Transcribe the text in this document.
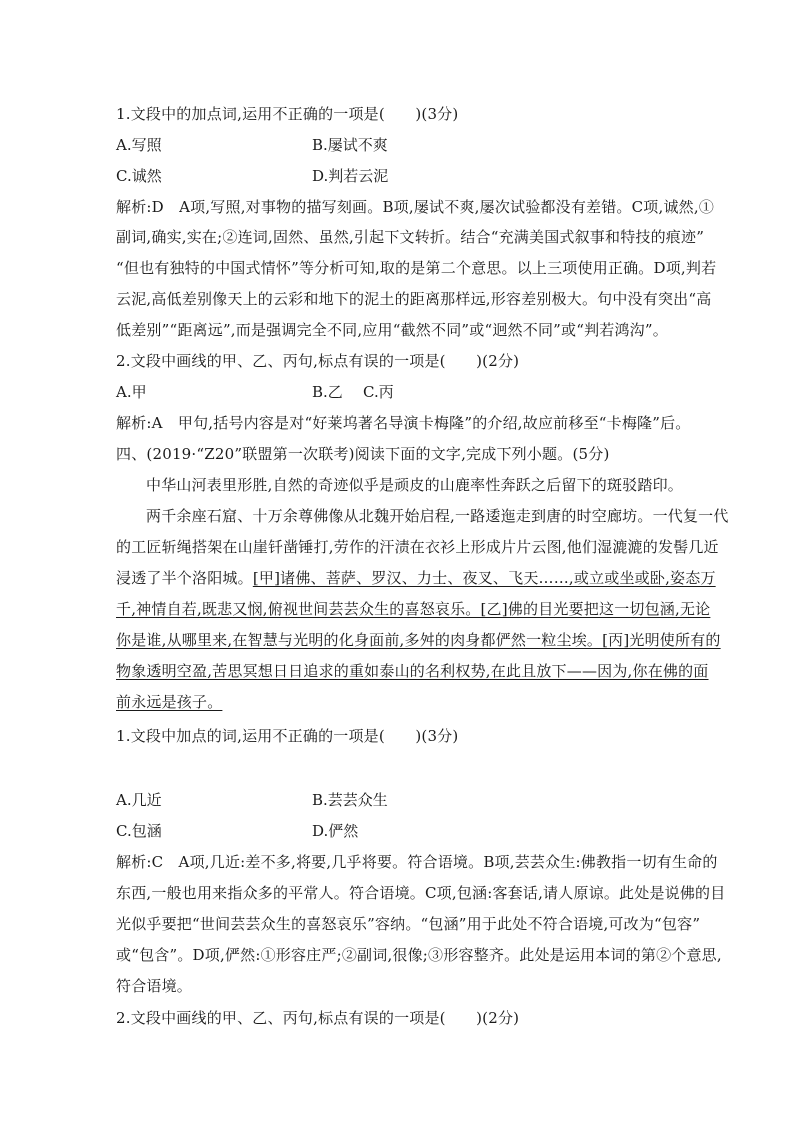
1.文段中的加点词,运用不正确的一项是(　　)(3分)
A.写照	B.屡试不爽
C.诚然	D.判若云泥
解析:D　A项,写照,对事物的描写刻画。B项,屡试不爽,屡次试验都没有差错。C项,诚然,①
副词,确实,实在;②连词,固然、虽然,引起下文转折。结合“充满美国式叙事和特技的痕迹”
“但也有独特的中国式情怀”等分析可知,取的是第二个意思。以上三项使用正确。D项,判若
云泥,高低差别像天上的云彩和地下的泥土的距离那样远,形容差别极大。句中没有突出“高
低差别”“距离远”,而是强调完全不同,应用“截然不同”或“迥然不同”或“判若鸿沟”。
2.文段中画线的甲、乙、丙句,标点有误的一项是(　　)(2分)
A.甲	B.乙 C.丙
解析:A　甲句,括号内容是对“好莱坞著名导演卡梅隆”的介绍,故应前移至“卡梅隆”后。
四、(2019·“Z20”联盟第一次联考)阅读下面的文字,完成下列小题。(5分)
中华山河表里形胜,自然的奇迹似乎是顽皮的山鹿率性奔跃之后留下的斑驳踏印。
两千余座石窟、十万余尊佛像从北魏开始启程,一路逶迤走到唐的时空廊坊。一代复一代
的工匠斩绳搭架在山崖钎凿锤打,劳作的汗渍在衣衫上形成片片云图,他们湿漉漉的发髻几近
浸透了半个洛阳城。[甲]诸佛、菩萨、罗汉、力士、夜叉、飞天……,或立或坐或卧,姿态万
千,神情自若,既悲又悯,俯视世间芸芸众生的喜怒哀乐。[乙]佛的目光要把这一切包涵,无论
你是谁,从哪里来,在智慧与光明的化身面前,多舛的肉身都俨然一粒尘埃。[丙]光明使所有的
物象透明空盈,苦思冥想日日追求的重如泰山的名利权势,在此且放下——因为,你在佛的面
前永远是孩子。
1.文段中加点的词,运用不正确的一项是(　　)(3分)
A.几近	B.芸芸众生
C.包涵	D.俨然
解析:C　A项,几近:差不多,将要,几乎将要。符合语境。B项,芸芸众生:佛教指一切有生命的
东西,一般也用来指众多的平常人。符合语境。C项,包涵:客套话,请人原谅。此处是说佛的目
光似乎要把“世间芸芸众生的喜怒哀乐”容纳。“包涵”用于此处不符合语境,可改为“包容”
或“包含”。D项,俨然:①形容庄严;②副词,很像;③形容整齐。此处是运用本词的第②个意思,
符合语境。
2.文段中画线的甲、乙、丙句,标点有误的一项是(　　)(2分)
